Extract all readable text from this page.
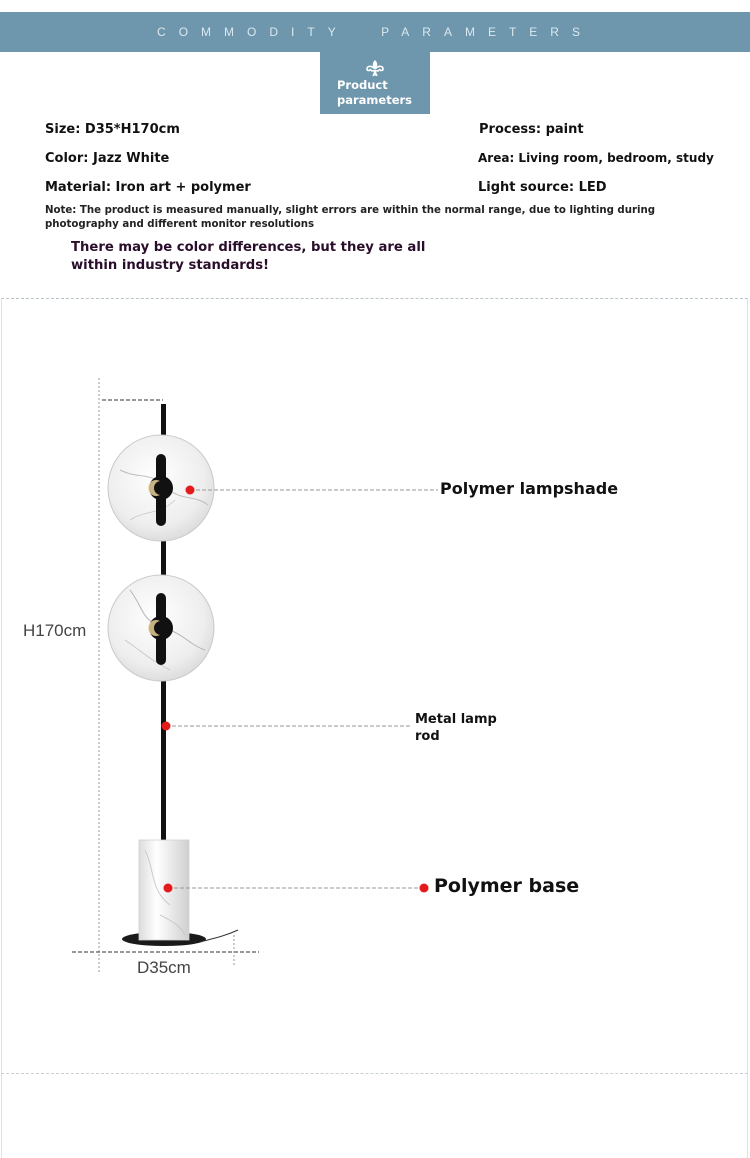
COMMODITY  PARAMETERS
Product
parameters
Size: D35*H170cm	Process: paint
Color: Jazz White	Area: Living room, bedroom, study
Material: Iron art + polymer	Light source: LED
Note: The product is measured manually, slight errors are within the normal range, due to lighting during photography and different monitor resolutions
There may be color differences, but they are all within industry standards!
H170cm
D35cm
Polymer lampshade
Metal lamp rod
Polymer base
